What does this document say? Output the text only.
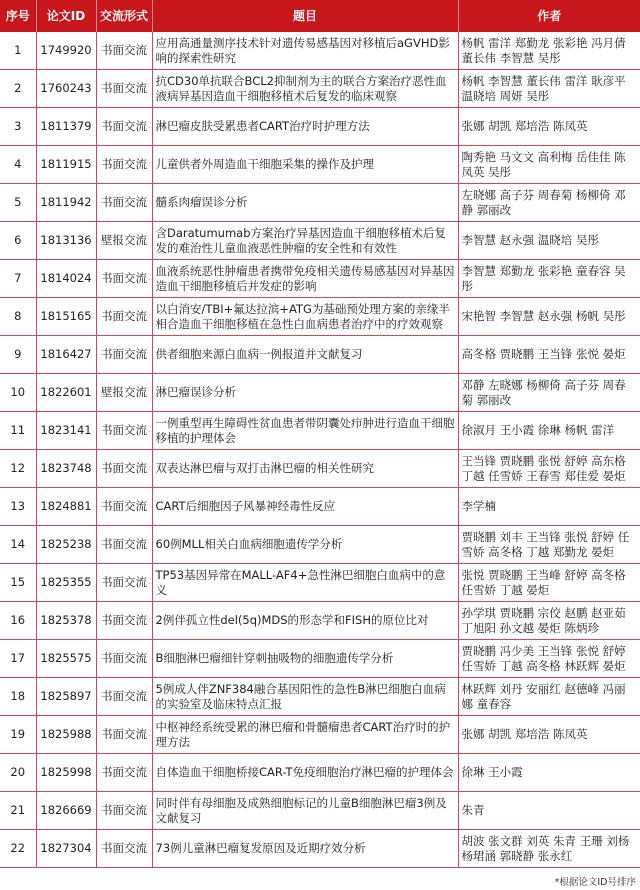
序号	论文ID	交流形式	题目	作者
1	1749920	书面交流	应用高通量测序技术针对遗传易感基因对移植后aGVHD影响的探索性研究	杨帆 雷洋 郑勤龙 张彩艳 冯月倩 董长伟 李智慧 吴彤
2	1760243	书面交流	抗CD30单抗联合BCL2抑制剂为主的联合方案治疗恶性血液病异基因造血干细胞移植术后复发的临床观察	杨帆 李智慧 董长伟 雷洋 耿彦平 温晓培 周妍 吴彤
3	1811379	书面交流	淋巴瘤皮肤受累患者CART治疗时护理方法	张娜 胡凯 郑培浩 陈凤英
4	1811915	书面交流	儿童供者外周造血干细胞采集的操作及护理	陶秀艳 马文文 高利梅 岳佳佳 陈凤英 吴彤
5	1811942	书面交流	髓系肉瘤误诊分析	左晓娜 高子芬 周春菊 杨柳倚 邓静 郭丽改
6	1813136	壁报交流	含Daratumumab方案治疗异基因造血干细胞移植术后复发的难治性儿童血液恶性肿瘤的安全性和有效性	李智慧 赵永强 温晓培 吴彤
7	1814024	书面交流	血液系统恶性肿瘤患者携带免疫相关遗传易感基因对异基因造血干细胞移植后并发症的影响	李智慧 郑勤龙 张彩艳 童春容 吴彤
8	1815165	书面交流	以白消安/TBI+氟达拉滨+ATG为基础预处理方案的亲缘半相合造血干细胞移植在急性白血病患者治疗中的疗效观察	宋艳智 李智慧 赵永强 杨帆 吴彤
9	1816427	书面交流	供者细胞来源白血病一例报道并文献复习	高冬格 贾晓鹏 王当锋 张悦 晏炬
10	1822601	壁报交流	淋巴瘤误诊分析	邓静 左晓娜 杨柳倚 高子芬 周春菊 郭丽改
11	1823141	书面交流	一例重型再生障碍性贫血患者带阴囊处疖肿进行造血干细胞移植的护理体会	徐淑月 王小霞 徐琳 杨帆 雷洋
12	1823748	书面交流	双表达淋巴瘤与双打击淋巴瘤的相关性研究	王当锋 贾晓鹏 张悦 舒婷 高东格 丁越 任雪娇 王春雪 郑佳爱 晏炬
13	1824881	书面交流	CART后细胞因子风暴神经毒性反应	李学楠
14	1825238	书面交流	60例MLL相关白血病细胞遗传学分析	贾晓鹏 刘丰 王当锋 张悦 舒婷 任雪娇 高冬格 丁越 郑勤龙 晏炬
15	1825355	书面交流	TP53基因异常在MALL-AF4+急性淋巴细胞白血病中的意义	张悦 贾晓鹏 王当峰 舒婷 高冬格 任雪娇 丁越 晏炬
16	1825378	书面交流	2例伴孤立性del(5q)MDS的形态学和FISH的原位比对	孙学琪 贾晓鹏 宗佼 赵鹏 赵亚茹 丁旭阳 孙文越 晏炬 陈炳珍
17	1825575	书面交流	B细胞淋巴瘤细针穿刺抽吸物的细胞遗传学分析	贾晓鹏 冯少美 王当锋 张悦 舒婷 任雪娇 丁越 高冬格 林跃辉 晏炬
18	1825897	书面交流	5例成人伴ZNF384融合基因阳性的急性B淋巴细胞白血病的实验室及临床特点汇报	林跃辉 刘丹 安丽红 赵德峰 冯丽娜 童春容
19	1825988	书面交流	中枢神经系统受累的淋巴瘤和骨髓瘤患者CART治疗时的护理方法	张娜 胡凯 郑培浩 陈凤英
20	1825998	书面交流	自体造血干细胞桥接CAR-T免疫细胞治疗淋巴瘤的护理体会	徐琳 王小霞
21	1826669	书面交流	同时伴有母细胞及成熟细胞标记的儿童B细胞淋巴瘤3例及文献复习	朱青
22	1827304	书面交流	73例儿童淋巴瘤复发原因及近期疗效分析	胡波 张文群 刘英 朱青 王珊 刘杨 杨珺涵 郭晓静 张永红
*根据论文ID号排序
